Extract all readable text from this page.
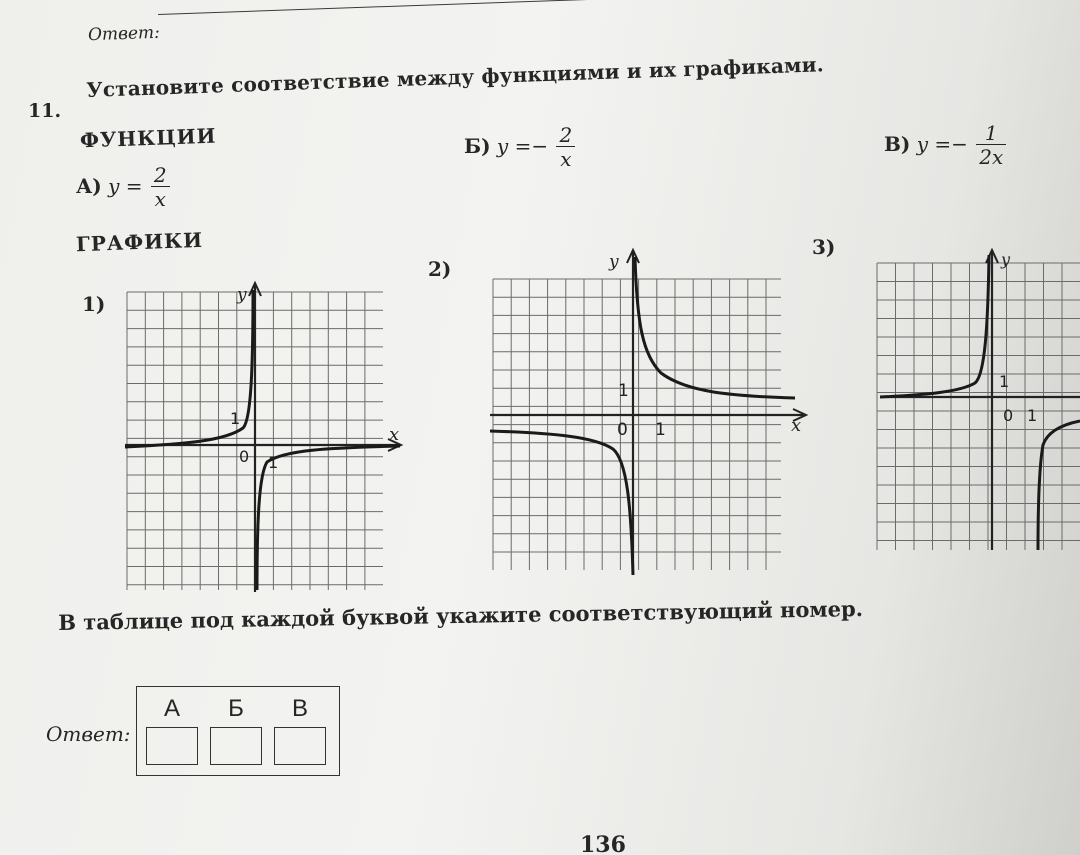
Ответ:
11.
Установите соответствие между функциями и их графиками.
ФУНКЦИИ
А) $y = \frac{2}{x}$
Б) $y =- \frac{2}{x}$	В) $y =- \frac{1}{2x}$
ГРАФИКИ
1)
2)
3)
y
x
0
1
1
y
x
0
1
1
y
0
1
1
В таблице под каждой буквой укажите соответствующий номер.
Ответ:
А	Б	В
136
